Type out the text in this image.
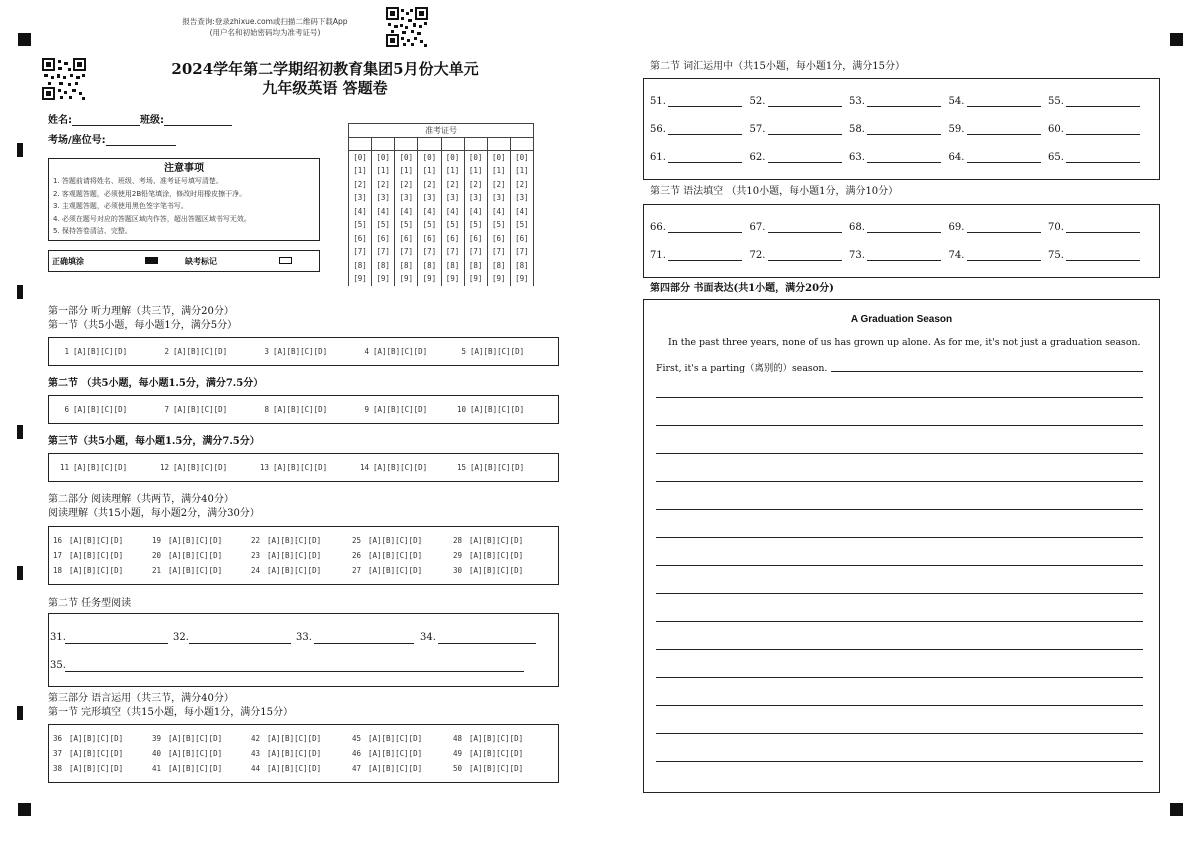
报告查询:登录zhixue.com或扫描二维码下载App
(用户名和初始密码均为准考证号)
2024学年第二学期绍初教育集团5月份大单元
九年级英语 答题卷
姓名:	班级:
考场/座位号:
注意事项
1. 答题前请将姓名、班级、考场、准考证号填写清楚。
2. 客观题答题，必须使用2B铅笔填涂，修改时用橡皮擦干净。
3. 主观题答题，必须使用黑色签字笔书写。
4. 必须在题号对应的答题区域内作答，超出答题区域书写无效。
5. 保持答卷清洁、完整。
正确填涂	缺考标记
准考证号							

[0]	[0]	[0]	[0]	[0]	[0]	[0]	[0]
[1]	[1]	[1]	[1]	[1]	[1]	[1]	[1]
[2]	[2]	[2]	[2]	[2]	[2]	[2]	[2]
[3]	[3]	[3]	[3]	[3]	[3]	[3]	[3]
[4]	[4]	[4]	[4]	[4]	[4]	[4]	[4]
[5]	[5]	[5]	[5]	[5]	[5]	[5]	[5]
[6]	[6]	[6]	[6]	[6]	[6]	[6]	[6]
[7]	[7]	[7]	[7]	[7]	[7]	[7]	[7]
[8]	[8]	[8]	[8]	[8]	[8]	[8]	[8]
[9]	[9]	[9]	[9]	[9]	[9]	[9]	[9]
第一部分 听力理解（共三节，满分20分）
第一节（共5小题，每小题1分，满分5分）
1 [A][B][C][D]	2 [A][B][C][D]	3 [A][B][C][D]	4 [A][B][C][D]	5 [A][B][C][D]
第二节 （共5小题，每小题1.5分，满分7.5分）
6 [A][B][C][D]	7 [A][B][C][D]	8 [A][B][C][D]	9 [A][B][C][D]	10 [A][B][C][D]
第三节（共5小题，每小题1.5分，满分7.5分）
11 [A][B][C][D]	12 [A][B][C][D]	13 [A][B][C][D]	14 [A][B][C][D]	15 [A][B][C][D]
第二部分 阅读理解（共两节，满分40分）
阅读理解（共15小题，每小题2分，满分30分）
16 [A][B][C][D]	19 [A][B][C][D]	22 [A][B][C][D]	25 [A][B][C][D]	28 [A][B][C][D]
17 [A][B][C][D]	20 [A][B][C][D]	23 [A][B][C][D]	26 [A][B][C][D]	29 [A][B][C][D]
18 [A][B][C][D]	21 [A][B][C][D]	24 [A][B][C][D]	27 [A][B][C][D]	30 [A][B][C][D]
第二节 任务型阅读
31.	32.	33.	34.
35.
第三部分 语言运用（共三节，满分40分）
第一节 完形填空（共15小题，每小题1分，满分15分）
36 [A][B][C][D]	39 [A][B][C][D]	42 [A][B][C][D]	45 [A][B][C][D]	48 [A][B][C][D]
37 [A][B][C][D]	40 [A][B][C][D]	43 [A][B][C][D]	46 [A][B][C][D]	49 [A][B][C][D]
38 [A][B][C][D]	41 [A][B][C][D]	44 [A][B][C][D]	47 [A][B][C][D]	50 [A][B][C][D]
第二节 词汇运用中（共15小题，每小题1分，满分15分）
51.	52.	53.	54.	55.
56.	57.	58.	59.	60.
61.	62.	63.	64.	65.
第三节 语法填空 （共10小题，每小题1分，满分10分）
66.	67.	68.	69.	70.
71.	72.	73.	74.	75.
第四部分 书面表达(共1小题，满分20分)
A Graduation Season
In the past three years, none of us has grown up alone. As for me, it's not just a graduation season.
First, it's a parting（离别的）season.
